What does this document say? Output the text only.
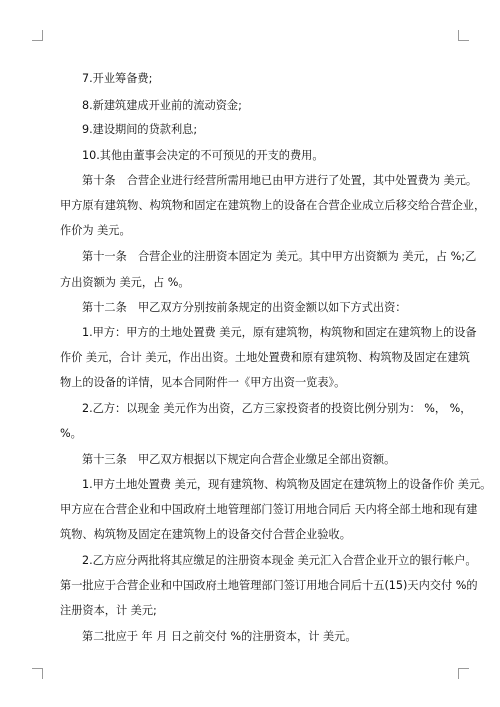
7.开业筹备费;
8.新建筑建成开业前的流动资金;
9.建设期间的贷款利息;
10.其他由董事会决定的不可预见的开支的费用。
第十条　合营企业进行经营所需用地已由甲方进行了处置，其中处置费为 美元。
甲方原有建筑物、构筑物和固定在建筑物上的设备在合营企业成立后移交给合营企业，
作价为 美元。
第十一条　合营企业的注册资本固定为 美元。其中甲方出资额为 美元，占 %;乙
方出资额为 美元，占 %。
第十二条　甲乙双方分别按前条规定的出资金额以如下方式出资：
1.甲方：甲方的土地处置费 美元，原有建筑物，构筑物和固定在建筑物上的设备
作价 美元，合计 美元，作出出资。土地处置费和原有建筑物、构筑物及固定在建筑
物上的设备的详情，见本合同附件一《甲方出资一览表》。
2.乙方：以现金 美元作为出资，乙方三家投资者的投资比例分别为： %， %，
%。
第十三条　甲乙双方根据以下规定向合营企业缴足全部出资额。
1.甲方土地处置费 美元，现有建筑物、构筑物及固定在建筑物上的设备作价 美元。
甲方应在合营企业和中国政府土地管理部门签订用地合同后 天内将全部土地和现有建
筑物、构筑物及固定在建筑物上的设备交付合营企业验收。
2.乙方应分两批将其应缴足的注册资本现金 美元汇入合营企业开立的银行帐户。
第一批应于合营企业和中国政府土地管理部门签订用地合同后十五(15)天内交付 %的
注册资本，计 美元;
第二批应于 年 月 日之前交付 %的注册资本，计 美元。
